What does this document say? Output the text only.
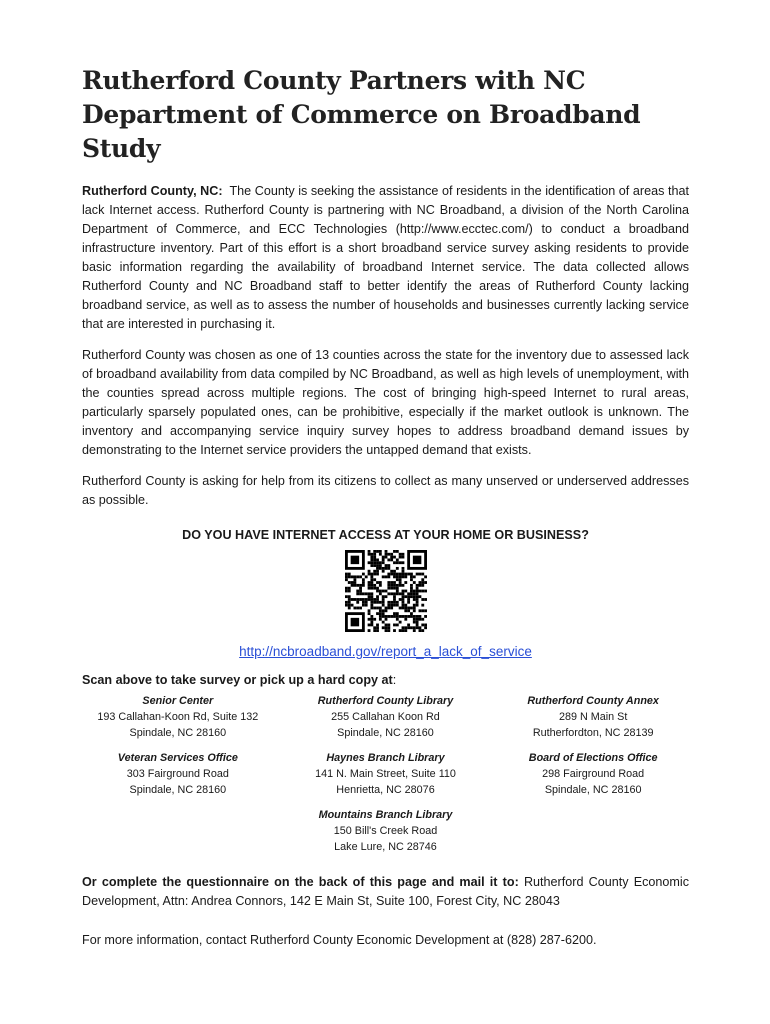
Rutherford County Partners with NC
Department of Commerce on Broadband Study

Rutherford County, NC: The County is seeking the assistance of residents in the identification of areas that lack Internet access. Rutherford County is partnering with NC Broadband, a division of the North Carolina Department of Commerce, and ECC Technologies (http://www.ecctec.com/) to conduct a broadband infrastructure inventory. Part of this effort is a short broadband service survey asking residents to provide basic information regarding the availability of broadband Internet service. The data collected allows Rutherford County and NC Broadband staff to better identify the areas of Rutherford County lacking broadband service, as well as to assess the number of households and businesses currently lacking service that are interested in purchasing it.

Rutherford County was chosen as one of 13 counties across the state for the inventory due to assessed lack of broadband availability from data compiled by NC Broadband, as well as high levels of unemployment, with the counties spread across multiple regions. The cost of bringing high-speed Internet to rural areas, particularly sparsely populated ones, can be prohibitive, especially if the market outlook is unknown. The inventory and accompanying service inquiry survey hopes to address broadband demand issues by demonstrating to the Internet service providers the untapped demand that exists.

Rutherford County is asking for help from its citizens to collect as many unserved or underserved addresses as possible.

DO YOU HAVE INTERNET ACCESS AT YOUR HOME OR BUSINESS?
http://ncbroadband.gov/report_a_lack_of_service
Scan above to take survey or pick up a hard copy at:
Senior Center
193 Callahan-Koon Rd, Suite 132
Spindale, NC 28160
Rutherford County Library
255 Callahan Koon Rd
Spindale, NC 28160
Rutherford County Annex
289 N Main St
Rutherfordton, NC 28139
Veteran Services Office
303 Fairground Road
Spindale, NC 28160
Haynes Branch Library
141 N. Main Street, Suite 110
Henrietta, NC 28076
Board of Elections Office
298 Fairground Road
Spindale, NC 28160
Mountains Branch Library
150 Bill's Creek Road
Lake Lure, NC 28746

Or complete the questionnaire on the back of this page and mail it to: Rutherford County Economic Development, Attn: Andrea Connors, 142 E Main St, Suite 100, Forest City, NC 28043

For more information, contact Rutherford County Economic Development at (828) 287-6200.
